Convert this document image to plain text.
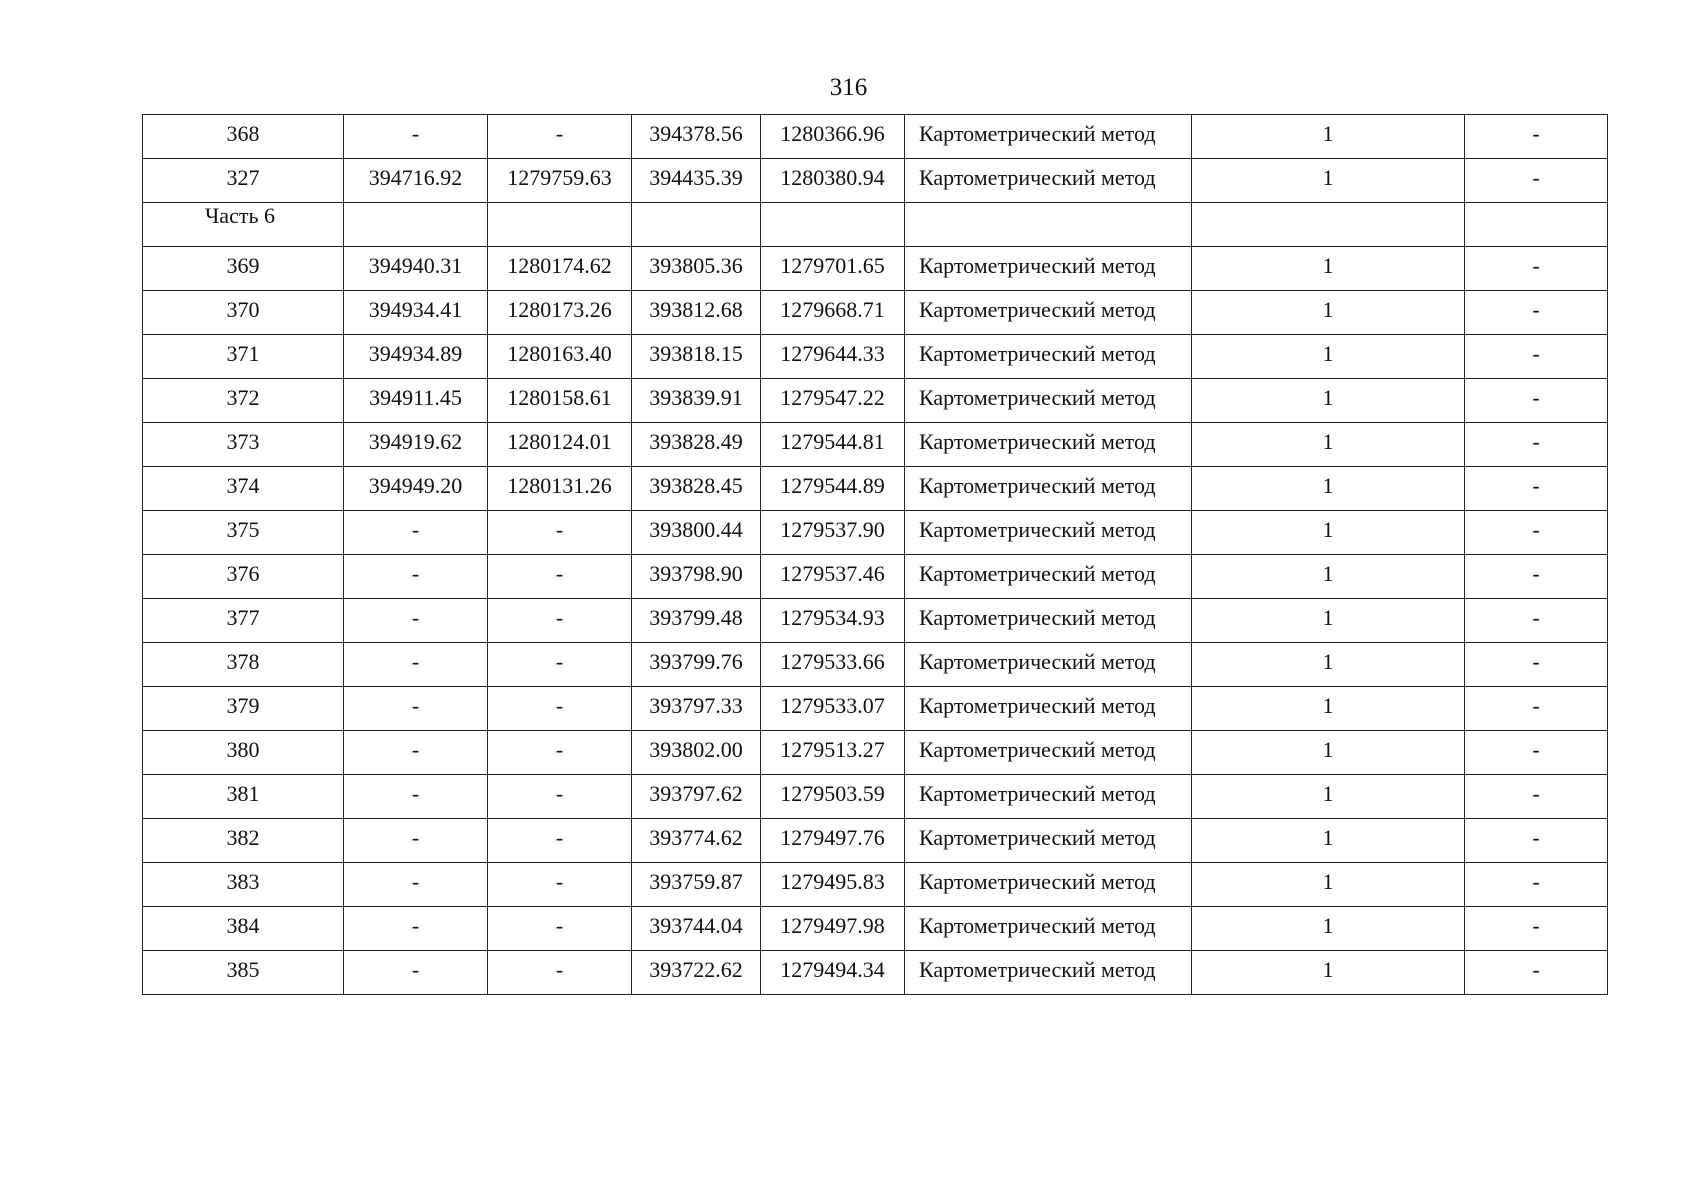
316
368	-	-	394378.56	1280366.96	Картометрический метод	1	-
327	394716.92	1279759.63	394435.39	1280380.94	Картометрический метод	1	-
Часть 6							
369	394940.31	1280174.62	393805.36	1279701.65	Картометрический метод	1	-
370	394934.41	1280173.26	393812.68	1279668.71	Картометрический метод	1	-
371	394934.89	1280163.40	393818.15	1279644.33	Картометрический метод	1	-
372	394911.45	1280158.61	393839.91	1279547.22	Картометрический метод	1	-
373	394919.62	1280124.01	393828.49	1279544.81	Картометрический метод	1	-
374	394949.20	1280131.26	393828.45	1279544.89	Картометрический метод	1	-
375	-	-	393800.44	1279537.90	Картометрический метод	1	-
376	-	-	393798.90	1279537.46	Картометрический метод	1	-
377	-	-	393799.48	1279534.93	Картометрический метод	1	-
378	-	-	393799.76	1279533.66	Картометрический метод	1	-
379	-	-	393797.33	1279533.07	Картометрический метод	1	-
380	-	-	393802.00	1279513.27	Картометрический метод	1	-
381	-	-	393797.62	1279503.59	Картометрический метод	1	-
382	-	-	393774.62	1279497.76	Картометрический метод	1	-
383	-	-	393759.87	1279495.83	Картометрический метод	1	-
384	-	-	393744.04	1279497.98	Картометрический метод	1	-
385	-	-	393722.62	1279494.34	Картометрический метод	1	-
